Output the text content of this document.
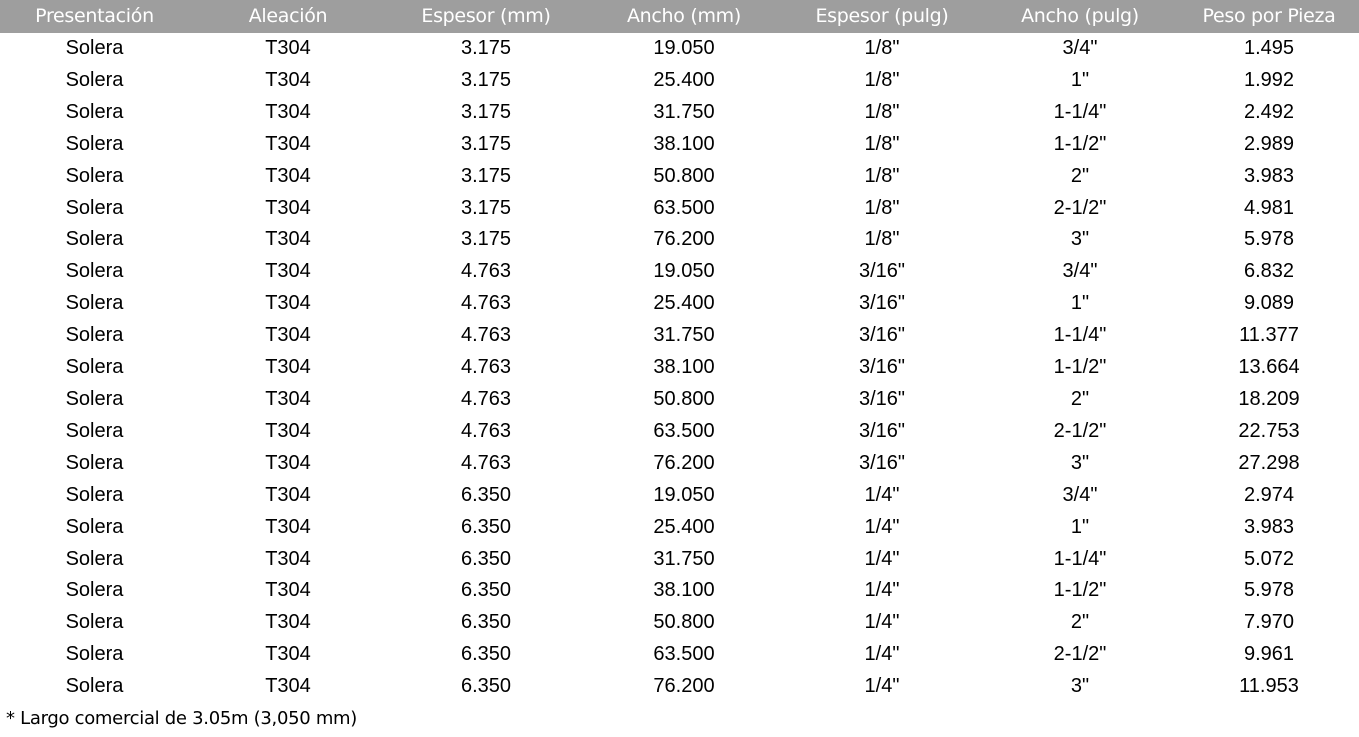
Presentación	Aleación	Espesor (mm)	Ancho (mm)	Espesor (pulg)	Ancho (pulg)	Peso por Pieza
Solera	T304	3.175	19.050	1/8"	3/4"	1.495
Solera	T304	3.175	25.400	1/8"	1"	1.992
Solera	T304	3.175	31.750	1/8"	1-1/4"	2.492
Solera	T304	3.175	38.100	1/8"	1-1/2"	2.989
Solera	T304	3.175	50.800	1/8"	2"	3.983
Solera	T304	3.175	63.500	1/8"	2-1/2"	4.981
Solera	T304	3.175	76.200	1/8"	3"	5.978
Solera	T304	4.763	19.050	3/16"	3/4"	6.832
Solera	T304	4.763	25.400	3/16"	1"	9.089
Solera	T304	4.763	31.750	3/16"	1-1/4"	11.377
Solera	T304	4.763	38.100	3/16"	1-1/2"	13.664
Solera	T304	4.763	50.800	3/16"	2"	18.209
Solera	T304	4.763	63.500	3/16"	2-1/2"	22.753
Solera	T304	4.763	76.200	3/16"	3"	27.298
Solera	T304	6.350	19.050	1/4"	3/4"	2.974
Solera	T304	6.350	25.400	1/4"	1"	3.983
Solera	T304	6.350	31.750	1/4"	1-1/4"	5.072
Solera	T304	6.350	38.100	1/4"	1-1/2"	5.978
Solera	T304	6.350	50.800	1/4"	2"	7.970
Solera	T304	6.350	63.500	1/4"	2-1/2"	9.961
Solera	T304	6.350	76.200	1/4"	3"	11.953
* Largo comercial de 3.05m (3,050 mm)
